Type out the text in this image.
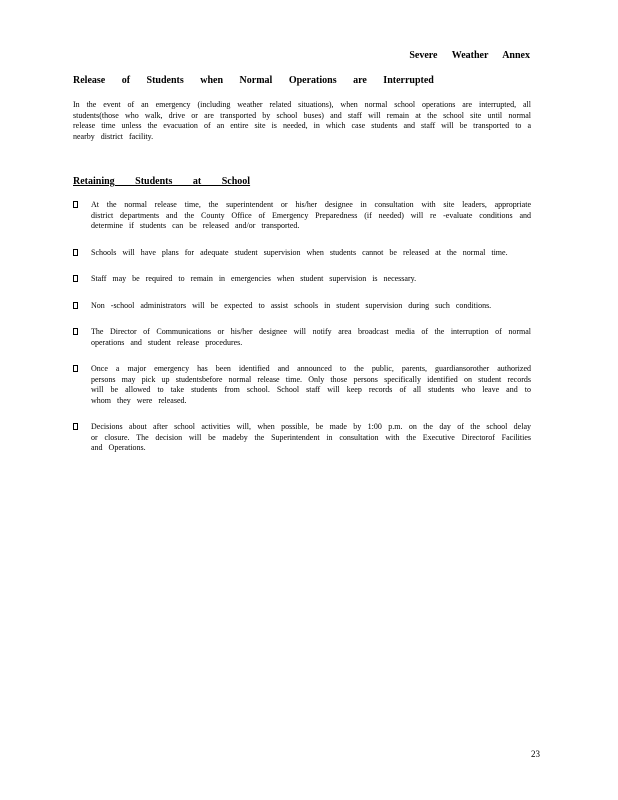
Severe Weather Annex
Release of Students when Normal Operations are Interrupted

In the event of an emergency (including weather related situations), when normal school operations are interrupted, all students(those who walk, drive or are transported by school buses) and staff will remain at the school site until normal release time unless the evacuation of an entire site is needed, in which case students and staff will be transported to a nearby district facility.

Retaining Students at School
At the normal release time, the superintendent or his/her designee in consultation with site leaders, appropriate district departments and the County Office of Emergency Preparedness (if needed) will re -evaluate conditions and determine if students can be released and/or transported.
Schools will have plans for adequate student supervision when students cannot be released at the normal time.
Staff may be required to remain in emergencies when student supervision is necessary.
Non -school administrators will be expected to assist schools in student supervision during such conditions.
The Director of Communications or his/her designee will notify area broadcast media of the interruption of normal operations and student release procedures.
Once a major emergency has been identified and announced to the public, parents, guardiansorother authorized persons may pick up studentsbefore normal release time. Only those persons specifically identified on student records will be allowed to take students from school. School staff will keep records of all students who leave and to whom they were released.
Decisions about after school activities will, when possible, be made by 1:00 p.m. on the day of the school delay or closure. The decision will be madeby the Superintendent in consultation with the Executive Directorof Facilities and Operations.
23
